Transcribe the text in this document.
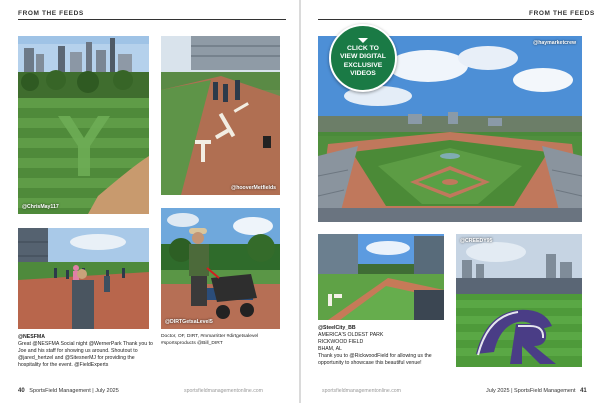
FROM THE FEEDS	FROM THE FEEDS
@ChrisMay117
@hooverMetfields
@DIRTGetsaLevel5
@NESFMA
Great @NESFMA Social night @WernerPark Thank you to Joe and his staff for showing us around. Shoutout to @jared_hertzel and @SitesnerMJ for providing the hospitality for the event. @FieldExperts
Doctor, OF, DIRT, #mmarritter #dirtgetsalevel #sportsproducts @Bill_DIRT
@haymarketcrew
CLICK TO
VIEW DIGITAL
EXCLUSIVE
VIDEOS
@CREEDY95
@SteelCity_BB
AMERICA'S OLDEST PARK
RICKWOOD FIELD
BHAM, AL
Thank you to @RickwoodField for allowing us the opportunity to showcase this beautiful venue!
40 SportsField Management | July 2025	sportsfieldmanagementonline.com	sportsfieldmanagementonline.com	July 2025 | SportsField Management 41
